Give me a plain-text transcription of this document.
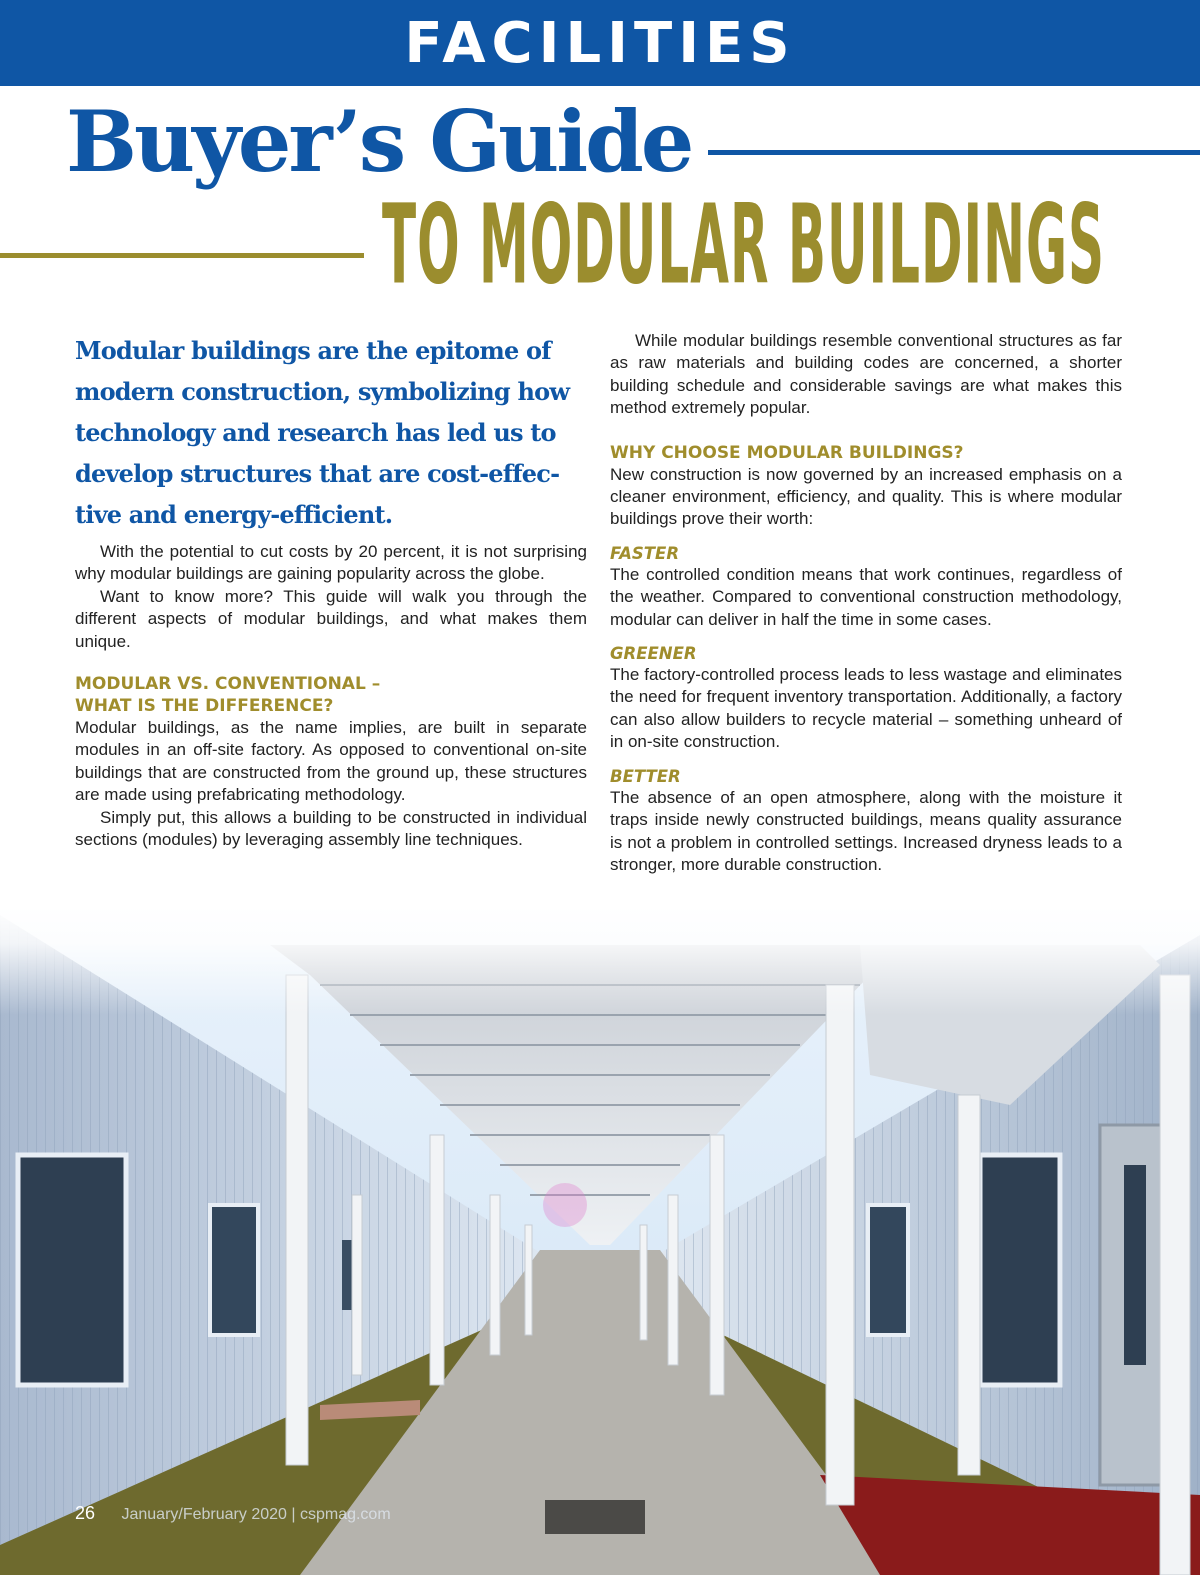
FACILITIES
Buyer’s Guide
TO MODULAR BUILDINGS
Modular buildings are the epitome of modern construction, symbolizing how technology and research has led us to develop structures that are cost-effec-tive and energy-efficient.

With the potential to cut costs by 20 percent, it is not surprising why modular buildings are gaining popularity across the globe.

Want to know more? This guide will walk you through the different aspects of modular buildings, and what makes them unique.

MODULAR VS. CONVENTIONAL –
WHAT IS THE DIFFERENCE?

Modular buildings, as the name implies, are built in separate modules in an off-site factory. As opposed to conventional on-site buildings that are constructed from the ground up, these structures are made using prefabricating methodology.

Simply put, this allows a building to be constructed in individual sections (modules) by leveraging assembly line techniques.

While modular buildings resemble conventional structures as far as raw materials and building codes are concerned, a shorter building schedule and considerable savings are what makes this method extremely popular.

WHY CHOOSE MODULAR BUILDINGS?

New construction is now governed by an increased emphasis on a cleaner environment, efficiency, and quality. This is where modular buildings prove their worth:

FASTER

The controlled condition means that work continues, regardless of the weather. Compared to conventional construction methodology, modular can deliver in half the time in some cases.

GREENER

The factory-controlled process leads to less wastage and eliminates the need for frequent inventory transportation. Additionally, a factory can also allow builders to recycle material – something unheard of in on-site construction.

BETTER

The absence of an open atmosphere, along with the moisture it traps inside newly constructed buildings, means quality assurance is not a problem in controlled settings. Increased dryness leads to a stronger, more durable construction.

26 January/February 2020 | cspmag.com
